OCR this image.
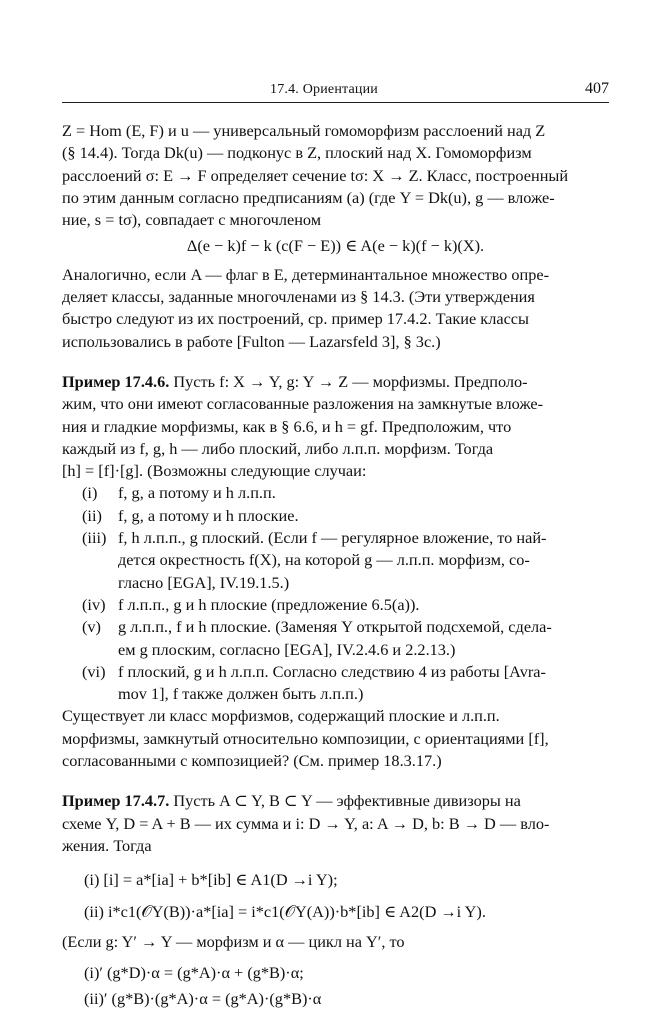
17.4. Ориентации	407

Z = Hom (E, F) и u — универсальный гомоморфизм расслоений над Z

(§ 14.4). Тогда Dk(u) — подконус в Z, плоский над X. Гомоморфизм

расслоений σ: E → F определяет сечение tσ: X → Z. Класс, построенный

по этим данным согласно предписаниям (а) (где Y = Dk(u), g — вложе-

ние, s = tσ), совпадает с многочленом

Δ(e − k)f − k (c(F − E)) ∈ A(e − k)(f − k)(X).

Аналогично, если A — флаг в E, детерминантальное множество опре-

деляет классы, заданные многочленами из § 14.3. (Эти утверждения

быстро следуют из их построений, ср. пример 17.4.2. Такие классы

использовались в работе [Fulton — Lazarsfeld 3], § 3c.)

Пример 17.4.6. Пусть f: X → Y, g: Y → Z — морфизмы. Предполо-

жим, что они имеют согласованные разложения на замкнутые вложе-

ния и гладкие морфизмы, как в § 6.6, и h = gf. Предположим, что

каждый из f, g, h — либо плоский, либо л.п.п. морфизм. Тогда

[h] = [f]·[g]. (Возможны следующие случаи:

(i)	f, g, а потому и h л.п.п.

(ii) f, g, а потому и h плоские.

(iii) f, h л.п.п., g плоский. (Если f — регулярное вложение, то най-

дется окрестность f(X), на которой g — л.п.п. морфизм, со-

гласно [EGA], IV.19.1.5.)

(iv) f л.п.п., g и h плоские (предложение 6.5(а)).

(v)	g л.п.п., f и h плоские. (Заменяя Y открытой подсхемой, сдела-

ем g плоским, согласно [EGA], IV.2.4.6 и 2.2.13.)

(vi) f плоский, g и h л.п.п. Согласно следствию 4 из работы [Avra-

mov 1], f также должен быть л.п.п.)

Существует ли класс морфизмов, содержащий плоские и л.п.п.

морфизмы, замкнутый относительно композиции, с ориентациями [f],

согласованными с композицией? (См. пример 18.3.17.)

Пример 17.4.7. Пусть A ⊂ Y, B ⊂ Y — эффективные дивизоры на

схеме Y, D = A + B — их сумма и i: D → Y, a: A → D, b: B → D — вло-

жения. Тогда

(i) [i] = a*[ia] + b*[ib] ∈ A1(D →i Y);

(ii) i*c1(𝒪Y(B))·a*[ia] = i*c1(𝒪Y(A))·b*[ib] ∈ A2(D →i Y).

(Если g: Y′ → Y — морфизм и α — цикл на Y′, то

(i)′ (g*D)·α = (g*A)·α + (g*B)·α;

(ii)′ (g*B)·(g*A)·α = (g*A)·(g*B)·α
